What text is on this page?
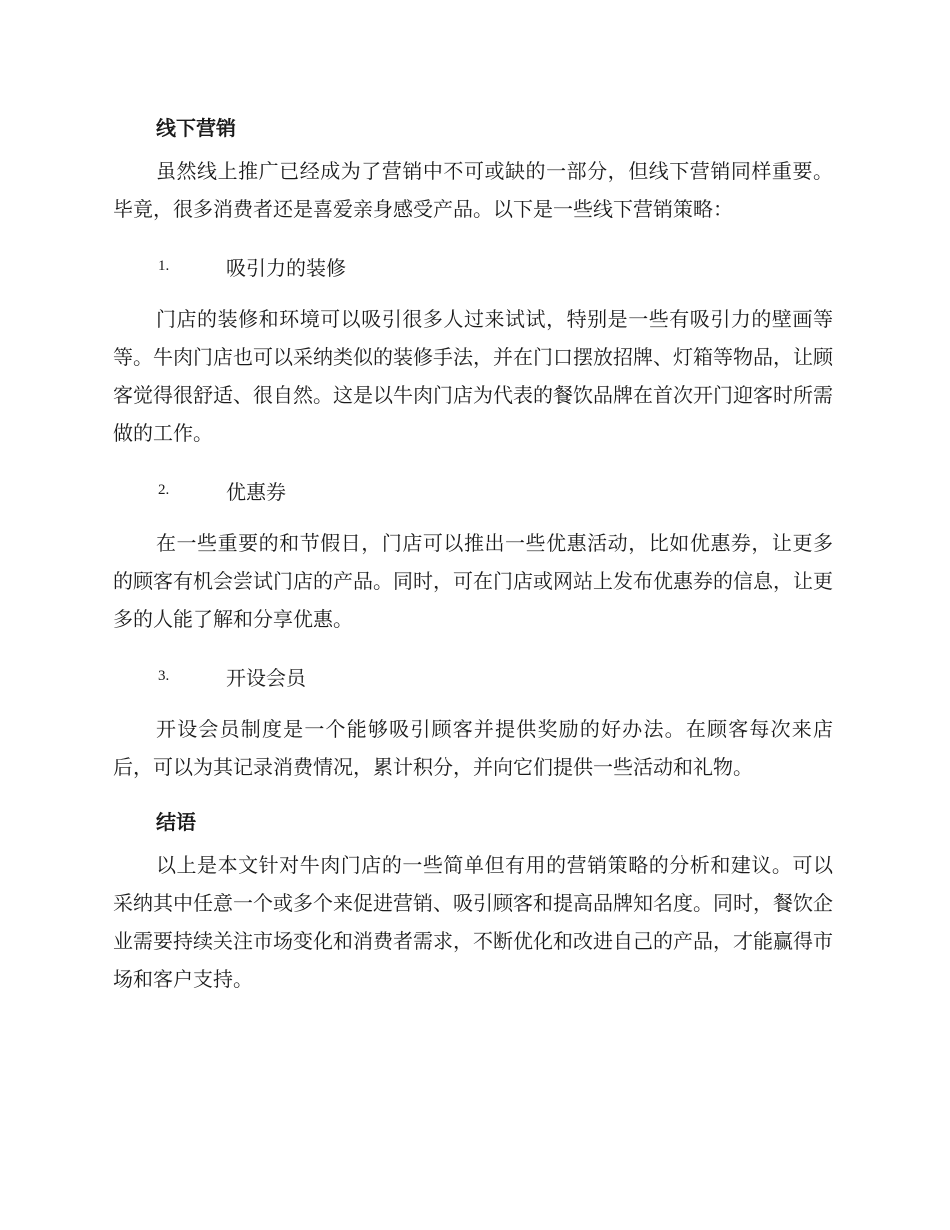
线下营销

虽然线上推广已经成为了营销中不可或缺的一部分，但线下营销同样重要。毕竟，很多消费者还是喜爱亲身感受产品。以下是一些线下营销策略：

1.	吸引力的装修

门店的装修和环境可以吸引很多人过来试试，特别是一些有吸引力的壁画等等。牛肉门店也可以采纳类似的装修手法，并在门口摆放招牌、灯箱等物品，让顾客觉得很舒适、很自然。这是以牛肉门店为代表的餐饮品牌在首次开门迎客时所需做的工作。

2.	优惠券

在一些重要的和节假日，门店可以推出一些优惠活动，比如优惠券，让更多的顾客有机会尝试门店的产品。同时，可在门店或网站上发布优惠券的信息，让更多的人能了解和分享优惠。

3.	开设会员

开设会员制度是一个能够吸引顾客并提供奖励的好办法。在顾客每次来店后，可以为其记录消费情况，累计积分，并向它们提供一些活动和礼物。

结语

以上是本文针对牛肉门店的一些简单但有用的营销策略的分析和建议。可以采纳其中任意一个或多个来促进营销、吸引顾客和提高品牌知名度。同时，餐饮企业需要持续关注市场变化和消费者需求，不断优化和改进自己的产品，才能赢得市场和客户支持。
